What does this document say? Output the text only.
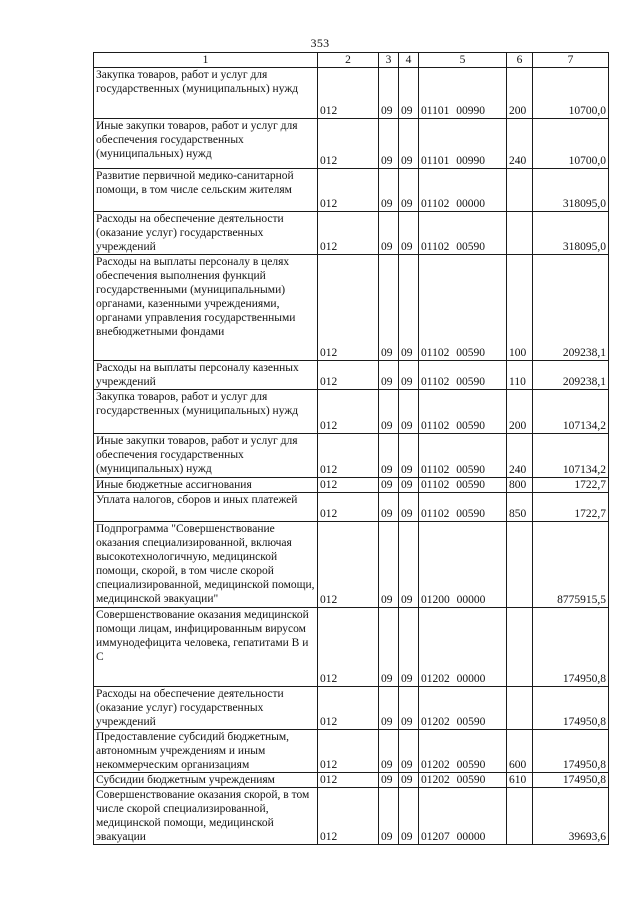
353
1	2	3	4	5	6	7
Закупка товаров, работ и услуг для государственных (муниципальных) нужд	012	09	09	01101 00990	200	10700,0
Иные закупки товаров, работ и услуг для обеспечения государственных (муниципальных) нужд	012	09	09	01101 00990	240	10700,0
Развитие первичной медико-санитарной помощи, в том числе сельским жителям	012	09	09	01102 00000		318095,0
Расходы на обеспечение деятельности (оказание услуг) государственных учреждений	012	09	09	01102 00590		318095,0
Расходы на выплаты персоналу в целях обеспечения выполнения функций государственными (муниципальными) органами, казенными учреждениями, органами управления государственными внебюджетными фондами	012	09	09	01102 00590	100	209238,1
Расходы на выплаты персоналу казенных учреждений	012	09	09	01102 00590	110	209238,1
Закупка товаров, работ и услуг для государственных (муниципальных) нужд	012	09	09	01102 00590	200	107134,2
Иные закупки товаров, работ и услуг для обеспечения государственных (муниципальных) нужд	012	09	09	01102 00590	240	107134,2
Иные бюджетные ассигнования	012	09	09	01102 00590	800	1722,7
Уплата налогов, сборов и иных платежей	012	09	09	01102 00590	850	1722,7
Подпрограмма "Совершенствование оказания специализированной, включая высокотехнологичную, медицинской помощи, скорой, в том числе скорой специализированной, медицинской помощи, медицинской эвакуации"	012	09	09	01200 00000		8775915,5
Совершенствование оказания медицинской помощи лицам, инфицированным вирусом иммунодефицита человека, гепатитами В и С	012	09	09	01202 00000		174950,8
Расходы на обеспечение деятельности (оказание услуг) государственных учреждений	012	09	09	01202 00590		174950,8
Предоставление субсидий бюджетным, автономным учреждениям и иным некоммерческим организациям	012	09	09	01202 00590	600	174950,8
Субсидии бюджетным учреждениям	012	09	09	01202 00590	610	174950,8
Совершенствование оказания скорой, в том числе скорой специализированной, медицинской помощи, медицинской эвакуации	012	09	09	01207 00000		39693,6
